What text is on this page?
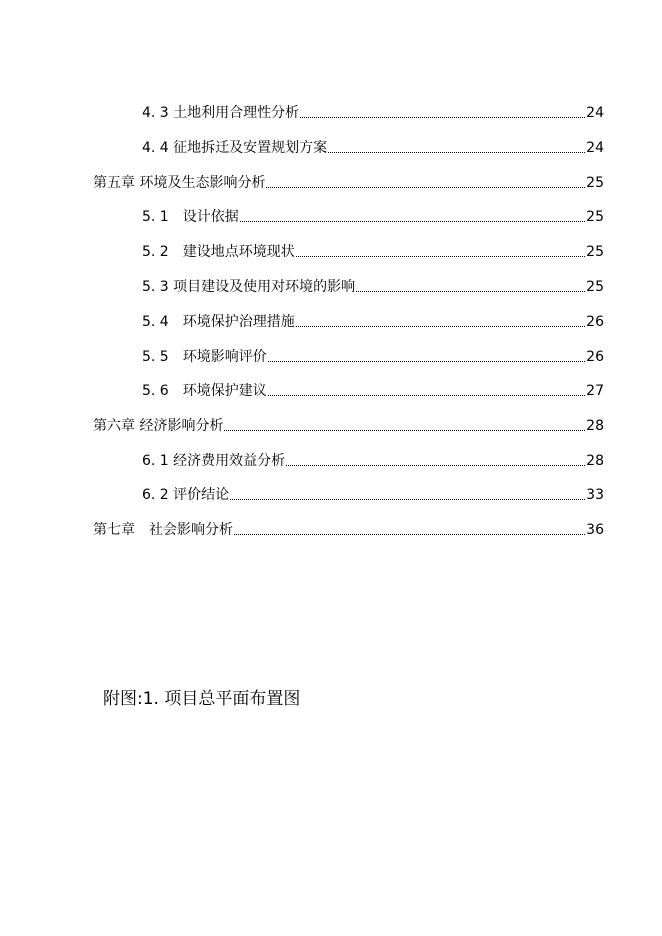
4. 3 土地利用合理性分析	24
4. 4 征地拆迁及安置规划方案	24
第五章 环境及生态影响分析	25
5. 1　设计依据	25
5. 2　建设地点环境现状	25
5. 3 项目建设及使用对环境的影响	25
5. 4　环境保护治理措施	26
5. 5　环境影响评价	26
5. 6　环境保护建议	27
第六章 经济影响分析	28
6. 1 经济费用效益分析	28
6. 2 评价结论	33
第七章　社会影响分析	36
附图:1. 项目总平面布置图
